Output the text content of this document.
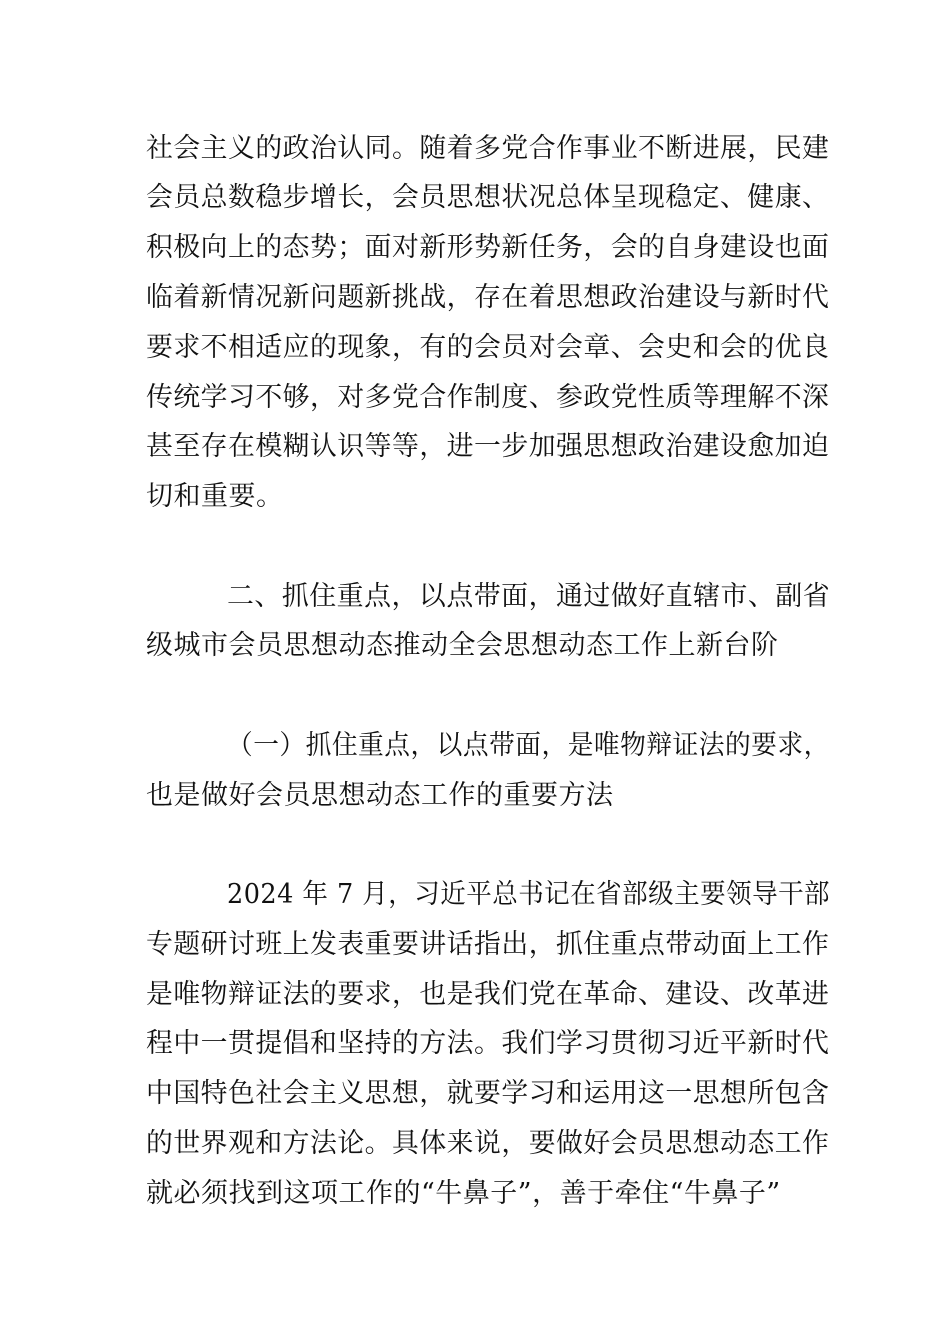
社会主义的政治认同。随着多党合作事业不断进展，民建
会员总数稳步增长，会员思想状况总体呈现稳定、健康、
积极向上的态势；面对新形势新任务，会的自身建设也面
临着新情况新问题新挑战，存在着思想政治建设与新时代
要求不相适应的现象，有的会员对会章、会史和会的优良
传统学习不够，对多党合作制度、参政党性质等理解不深
甚至存在模糊认识等等，进一步加强思想政治建设愈加迫
切和重要。
二、抓住重点，以点带面，通过做好直辖市、副省
级城市会员思想动态推动全会思想动态工作上新台阶
（一）抓住重点，以点带面，是唯物辩证法的要求，
也是做好会员思想动态工作的重要方法
2024 年 7 月，习近平总书记在省部级主要领导干部
专题研讨班上发表重要讲话指出，抓住重点带动面上工作
是唯物辩证法的要求，也是我们党在革命、建设、改革进
程中一贯提倡和坚持的方法。我们学习贯彻习近平新时代
中国特色社会主义思想，就要学习和运用这一思想所包含
的世界观和方法论。具体来说，要做好会员思想动态工作
就必须找到这项工作的“牛鼻子”，善于牵住“牛鼻子”
